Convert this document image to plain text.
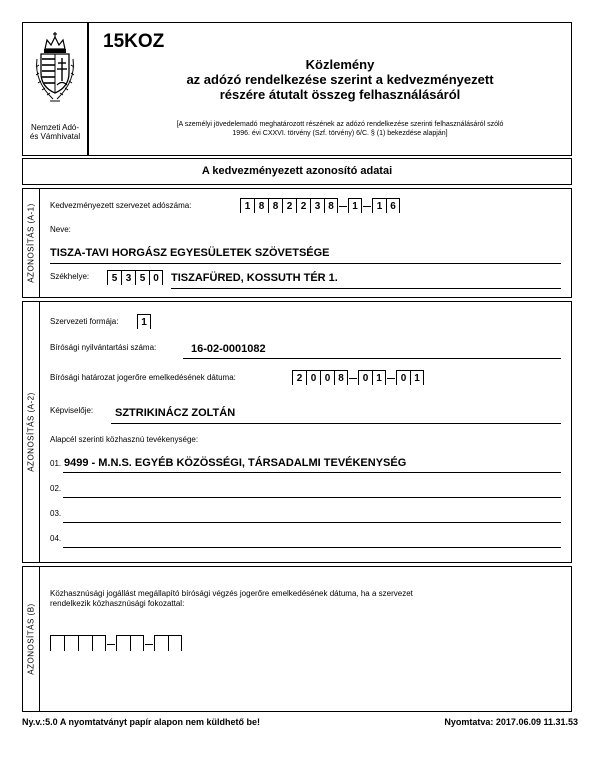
Nemzeti Adó-
és Vámhivatal
15KOZ
Közlemény
az adózó rendelkezése szerint a kedvezményezett
részére átutalt összeg felhasználásáról
[A személyi jövedelemadó meghatározott részének az adózó rendelkezése szerinti felhasználásáról szóló
1996. évi CXXVI. törvény (Szf. törvény) 6/C. § (1) bekezdése alapján]
A kedvezményezett azonosító adatai
AZONOSÍTÁS (A-1) Kedvezményezett szervezet adószáma:	1 8 8 2 2 3 8	1	1 6
Neve:
TISZA-TAVI HORGÁSZ EGYESÜLETEK SZÖVETSÉGE
Székhelye:	5 3 5 0	TISZAFÜRED, KOSSUTH TÉR 1.
AZONOSÍTÁS (A-2)
Szervezeti formája:	1
Bírósági nyilvántartási száma:	16-02-0001082
Bírósági határozat jogerőre emelkedésének dátuma:	2 0 0 8	0 1	0 1
Képviselője: SZTRIKINÁCZ ZOLTÁN
Alapcél szerinti közhasznú tevékenysége:
01. 9499 - M.N.S. EGYÉB KÖZÖSSÉGI, TÁRSADALMI TEVÉKENYSÉG
02.
03.
04.
AZONOSÍTÁS (B)
Közhasznúsági jogállást megállapító bírósági végzés jogerőre emelkedésének dátuma, ha a szervezet
rendelkezik közhasznúsági fokozattal:
Ny.v.:5.0 A nyomtatványt papír alapon nem küldhető be!	Nyomtatva: 2017.06.09 11.31.53
